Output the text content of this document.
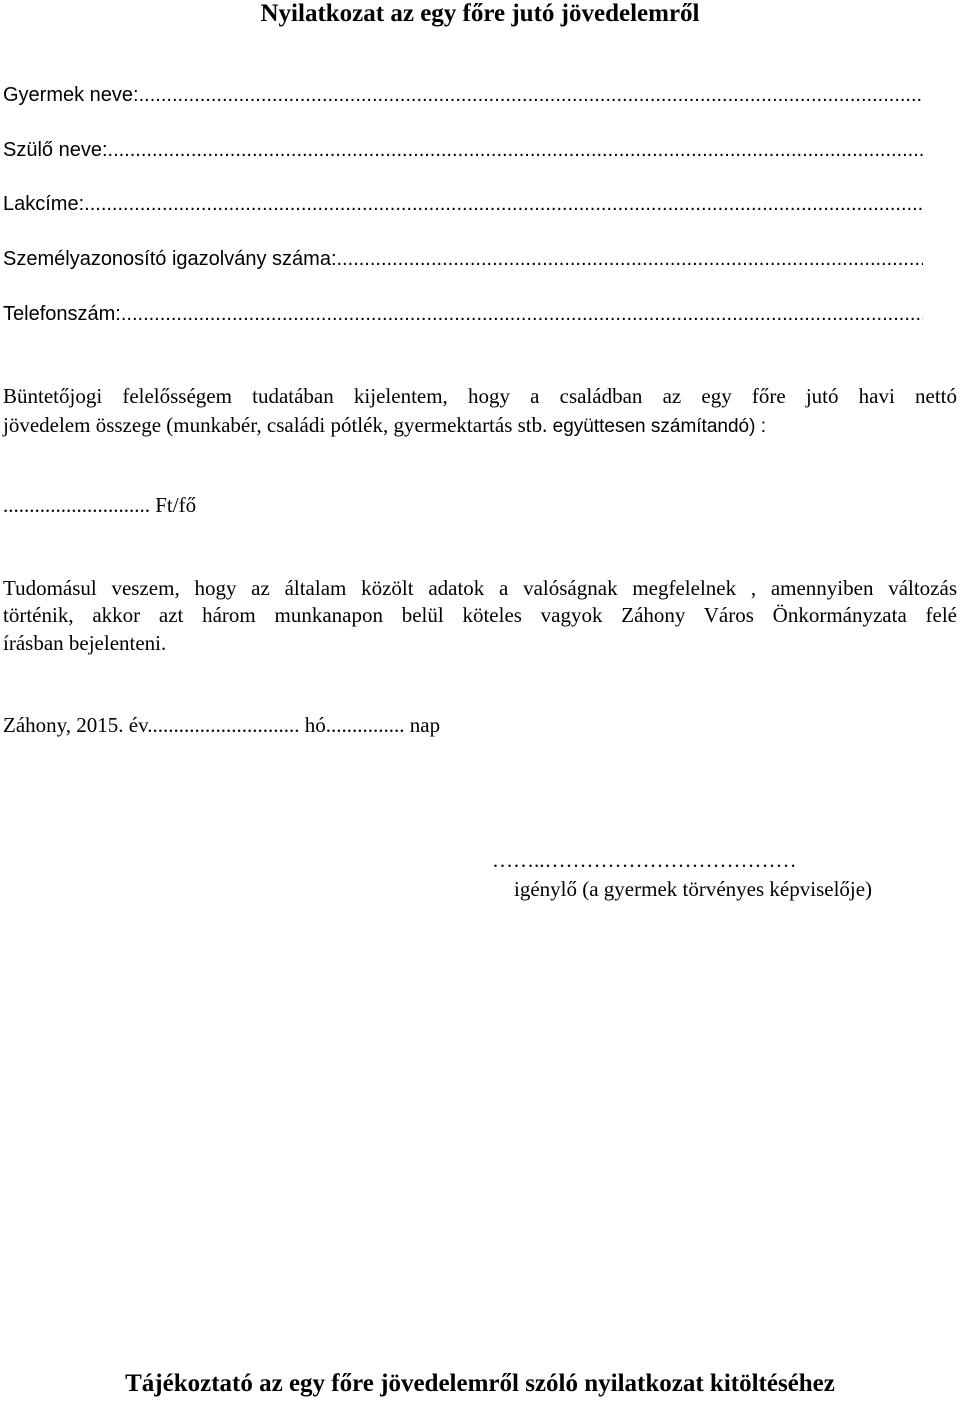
Nyilatkozat az egy főre jutó jövedelemről
Gyermek neve:
.....
Szülő neve:
.....
Lakcíme:
.....
Személyazonosító igazolvány száma:
.....
Telefonszám:
.....
Büntetőjogi felelősségem tudatában kijelentem, hogy a családban az egy főre jutó havi nettó
jövedelem összege (munkabér, családi pótlék, gyermektartás stb. együttesen számítandó) :
............................ Ft/fő
Tudomásul veszem, hogy az általam közölt adatok a valóságnak megfelelnek , amennyiben változás
történik, akkor azt három munkanapon belül köteles vagyok Záhony Város Önkormányzata felé
írásban bejelenteni.
Záhony, 2015. év............................. hó............... nap
……..………………………………
igénylő (a gyermek törvényes képviselője)
Tájékoztató az egy főre jövedelemről szóló nyilatkozat kitöltéséhez
